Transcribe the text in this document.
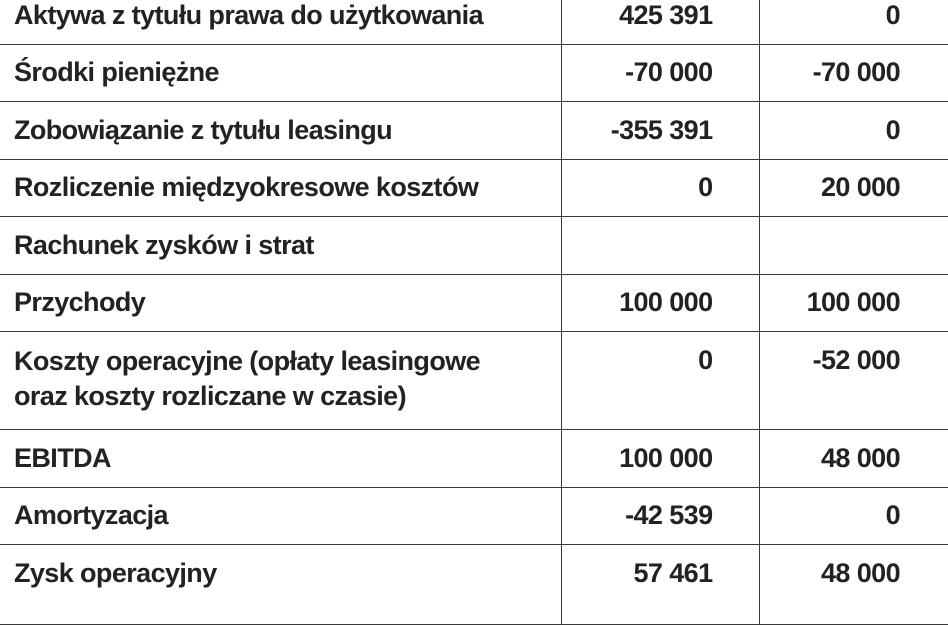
Aktywa z tytułu prawa do użytkowania	425 391	0
Środki pieniężne	-70 000	-70 000
Zobowiązanie z tytułu leasingu	-355 391	0
Rozliczenie międzyokresowe kosztów	0	20 000
Rachunek zysków i strat		
Przychody	100 000	100 000

Koszty operacyjne (opłaty leasingowe
oraz koszty rozliczane w czasie)	0	-52 000
EBITDA	100 000	48 000
Amortyzacja	-42 539	0
Zysk operacyjny	57 461	48 000
